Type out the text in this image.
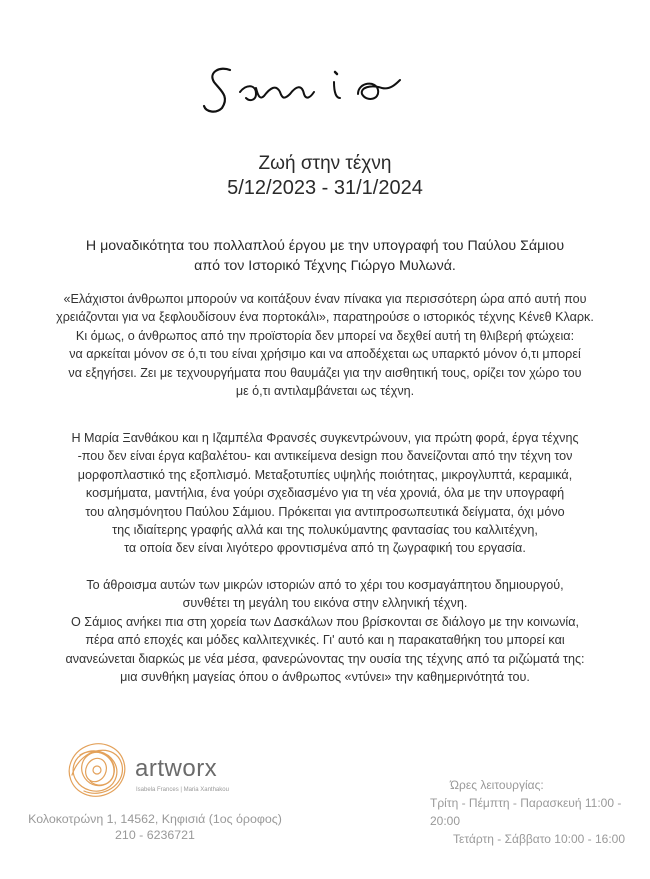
Ζωή στην τέχνη
5/12/2023 - 31/1/2024
Η μοναδικότητα του πολλαπλού έργου με την υπογραφή του Παύλου Σάμιου
από τον Ιστορικό Τέχνης Γιώργο Μυλωνά.

«Ελάχιστοι άνθρωποι μπορούν να κοιτάξουν έναν πίνακα για περισσότερη ώρα από αυτή που

χρειάζονται για να ξεφλουδίσουν ένα πορτοκάλι», παρατηρούσε ο ιστορικός τέχνης Κένεθ Κλαρκ.

Κι όμως, ο άνθρωπος από την προϊστορία δεν μπορεί να δεχθεί αυτή τη θλιβερή φτώχεια:

να αρκείται μόνον σε ό,τι του είναι χρήσιμο και να αποδέχεται ως υπαρκτό μόνον ό,τι μπορεί

να εξηγήσει. Ζει με τεχνουργήματα που θαυμάζει για την αισθητική τους, ορίζει τον χώρο του

με ό,τι αντιλαμβάνεται ως τέχνη.

Η Μαρία Ξανθάκου και η Ιζαμπέλα Φρανσές συγκεντρώνουν, για πρώτη φορά, έργα τέχνης

-που δεν είναι έργα καβαλέτου- και αντικείμενα design που δανείζονται από την τέχνη τον

μορφοπλαστικό της εξοπλισμό. Μεταξοτυπίες υψηλής ποιότητας, μικρογλυπτά, κεραμικά,

κοσμήματα, μαντήλια, ένα γούρι σχεδιασμένο για τη νέα χρονιά, όλα με την υπογραφή

του αλησμόνητου Παύλου Σάμιου. Πρόκειται για αντιπροσωπευτικά δείγματα, όχι μόνο

της ιδιαίτερης γραφής αλλά και της πολυκύμαντης φαντασίας του καλλιτέχνη,

τα οποία δεν είναι λιγότερο φροντισμένα από τη ζωγραφική του εργασία.

Το άθροισμα αυτών των μικρών ιστοριών από το χέρι του κοσμαγάπητου δημιουργού,

συνθέτει τη μεγάλη του εικόνα στην ελληνική τέχνη.

Ο Σάμιος ανήκει πια στη χορεία των Δασκάλων που βρίσκονται σε διάλογο με την κοινωνία,

πέρα από εποχές και μόδες καλλιτεχνικές. Γι' αυτό και η παρακαταθήκη του μπορεί και

ανανεώνεται διαρκώς με νέα μέσα, φανερώνοντας την ουσία της τέχνης από τα ριζώματά της:

μια συνθήκη μαγείας όπου ο άνθρωπος «ντύνει» την καθημερινότητά του.

artworx
Isabela Frances | Maria Xanthakou
Κολοκοτρώνη 1, 14562, Κηφισιά (1ος όροφος)
210 - 6236721
Ώρες λειτουργίας:
Τρίτη - Πέμπτη - Παρασκευή 11:00 - 20:00
Τετάρτη - Σάββατο 10:00 - 16:00
